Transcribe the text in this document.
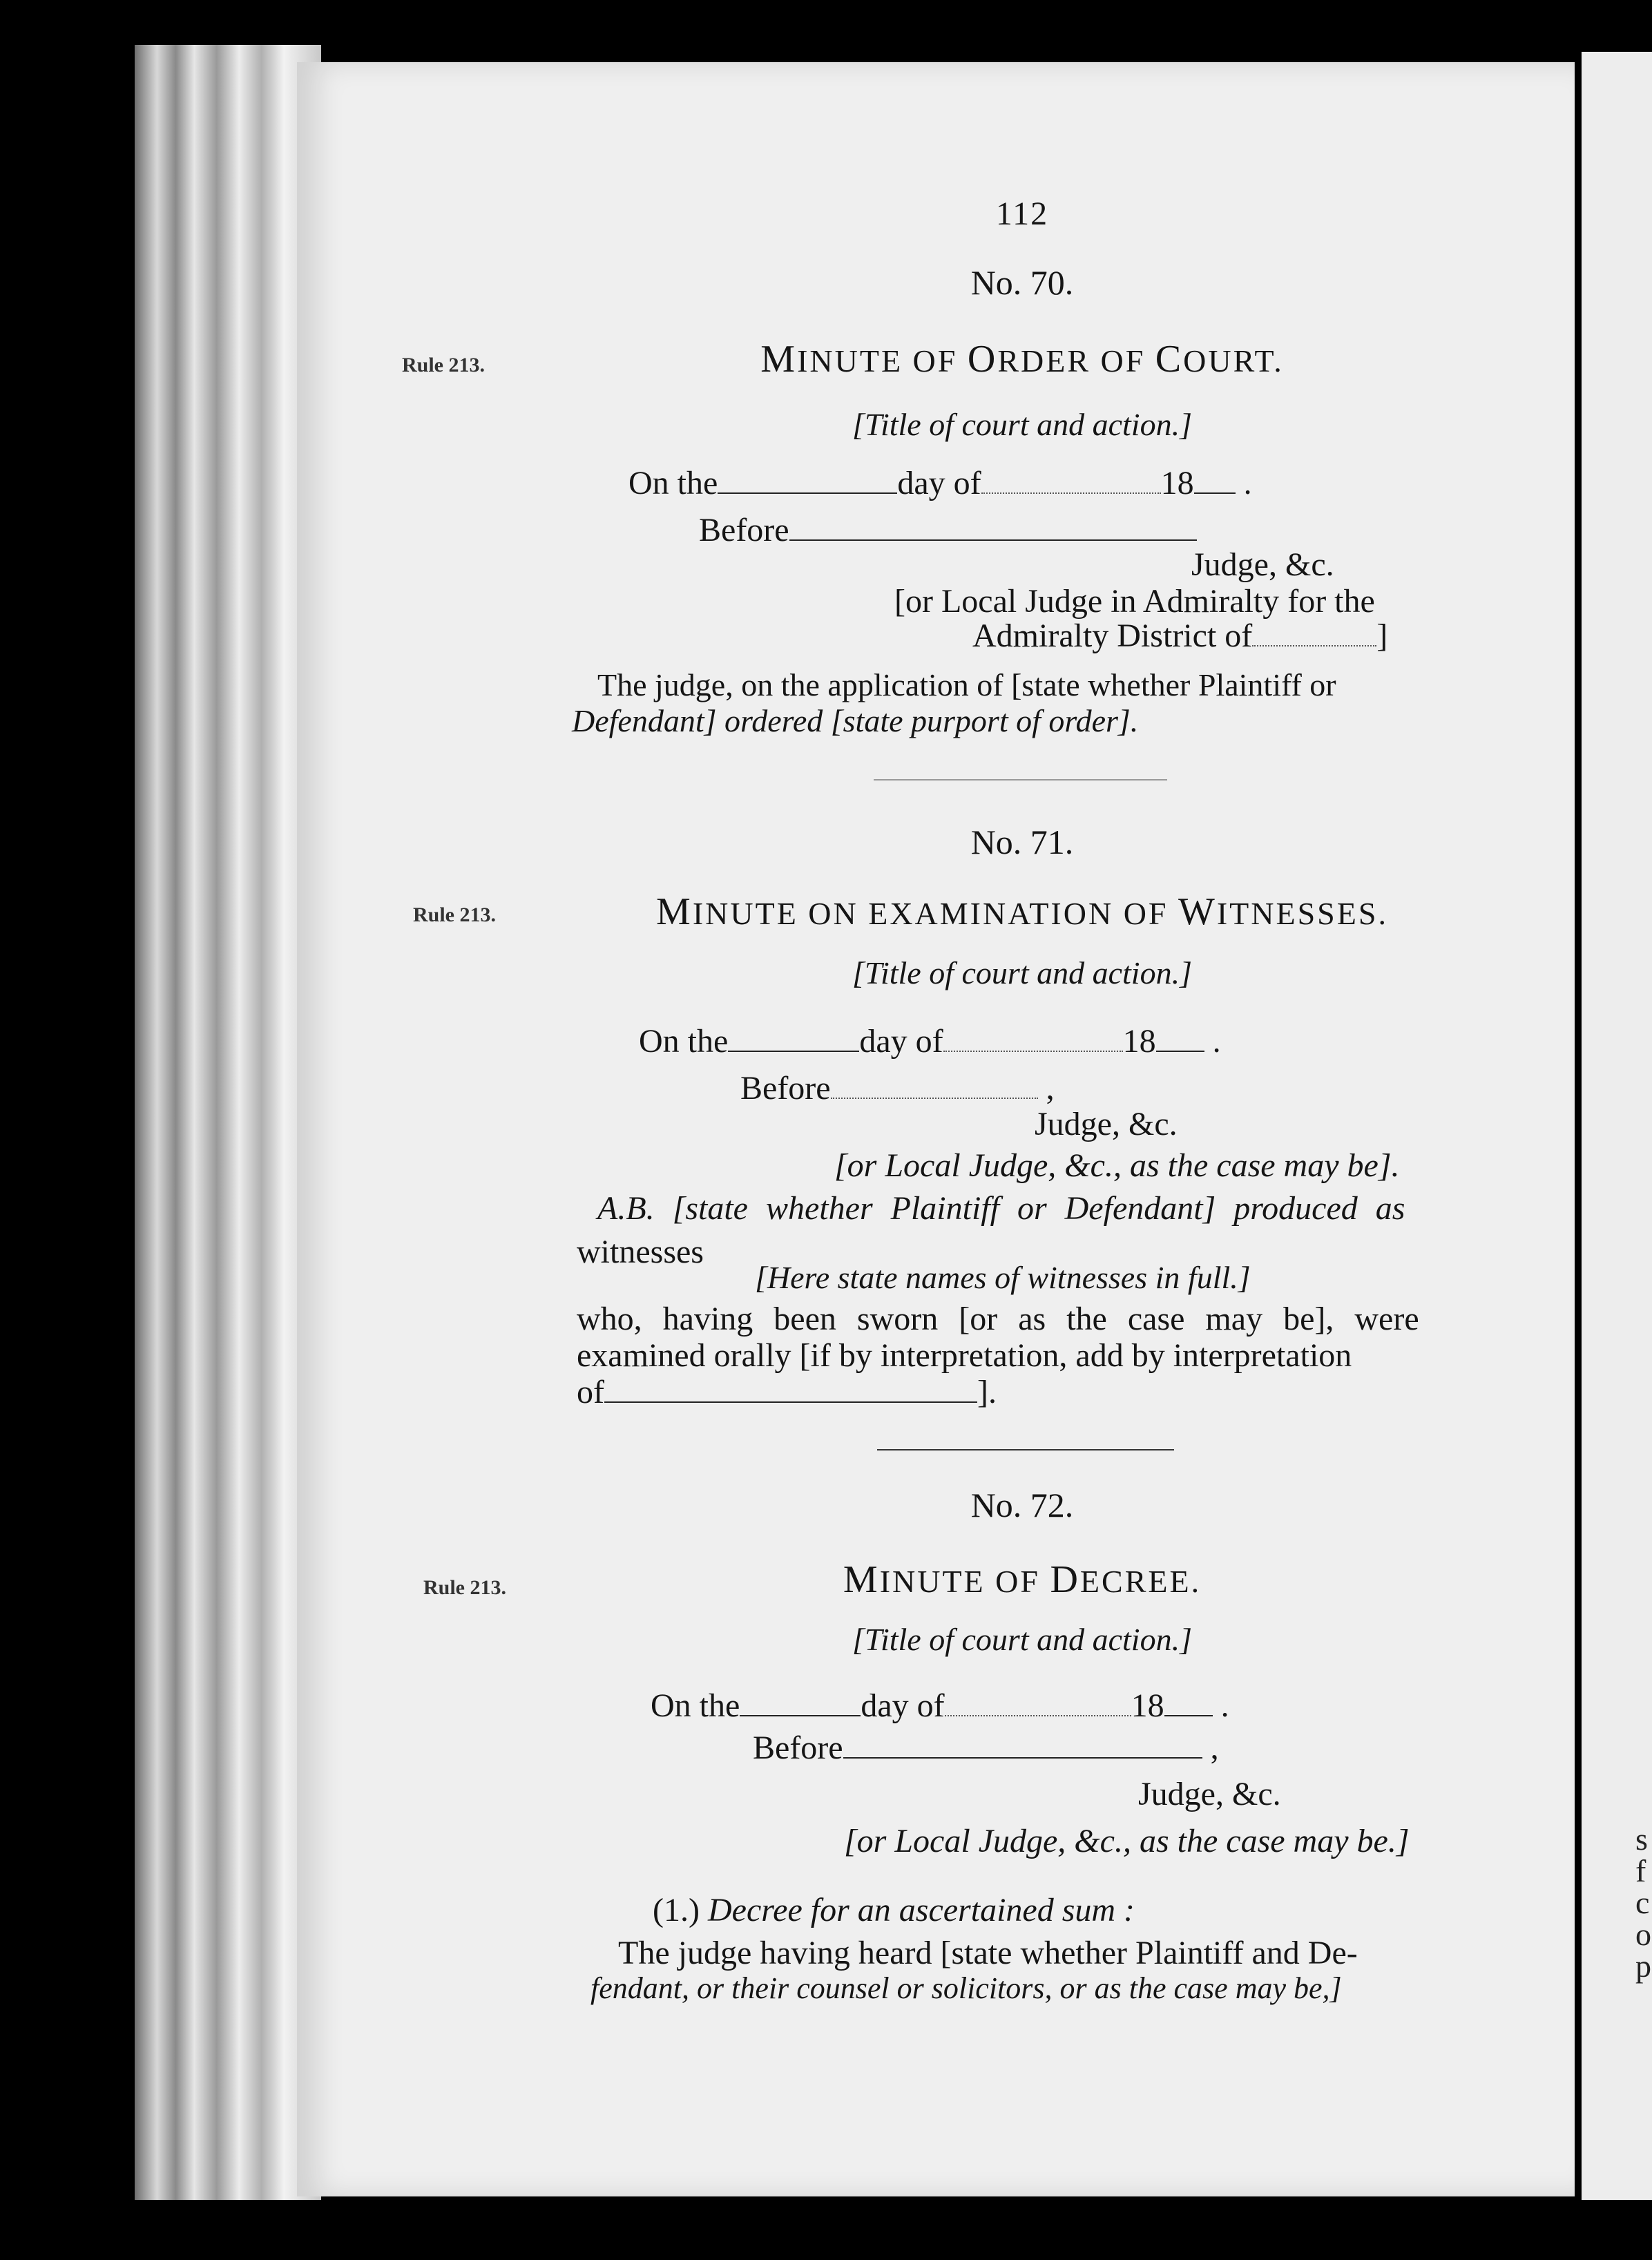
s
f
c
o
p
112
No. 70.
Rule 213.	MINUTE OF ORDER OF COURT.
[Title of court and action.]
On the	day of	18 .
Before
Judge, &c.
[or Local Judge in Admiralty for the
Admiralty District of	]
The judge, on the application of [state whether Plaintiff or
Defendant] ordered [state purport of order].
No. 71.
Rule 213.	MINUTE ON EXAMINATION OF WITNESSES.
[Title of court and action.]
On the	day of	18 .
Before	,
Judge, &c.
[or Local Judge, &c., as the case may be].
A.B. [state whether Plaintiff or Defendant] produced as
witnesses
[Here state names of witnesses in full.]
who, having been sworn [or as the case may be], were
examined orally [if by interpretation, add by interpretation
of	].
No. 72.
Rule 213.	MINUTE OF DECREE.
[Title of court and action.]
On the	day of	18 .
Before	,
Judge, &c.
[or Local Judge, &c., as the case may be.]
(1.) Decree for an ascertained sum :
The judge having heard [state whether Plaintiff and De-
fendant, or their counsel or solicitors, or as the case may be,]
